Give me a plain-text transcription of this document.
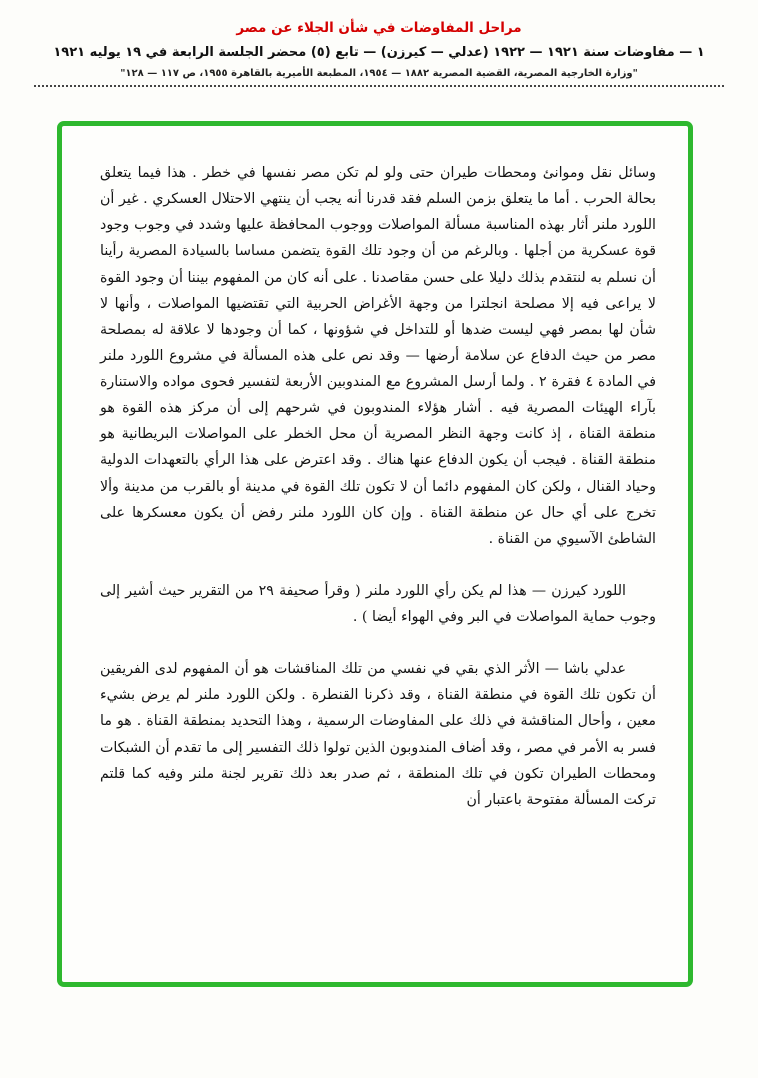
مراحل المفاوضات في شأن الجلاء عن مصر
١ — مفاوضات سنة ١٩٢١ — ١٩٢٢ (عدلي — كيرزن) — تابع (٥) محضر الجلسة الرابعة في ١٩ يوليه ١٩٢١
"وزارة الخارجية المصرية، القضية المصرية ١٨٨٢ — ١٩٥٤، المطبعة الأميرية بالقاهرة ١٩٥٥، ص ١١٧ — ١٢٨"

وسائل نقل وموانئ ومحطات طيران حتى ولو لم تكن مصر نفسها في خطر . هذا فيما يتعلق بحالة الحرب . أما ما يتعلق بزمن السلم فقد قدرنا أنه يجب أن ينتهي الاحتلال العسكري . غير أن اللورد ملنر أثار بهذه المناسبة مسألة المواصلات ووجوب المحافظة عليها وشدد في وجوب وجود قوة عسكرية من أجلها . وبالرغم من أن وجود تلك القوة يتضمن مساسا بالسيادة المصرية رأينا أن نسلم به لنتقدم بذلك دليلا على حسن مقاصدنا . على أنه كان من المفهوم بيننا أن وجود القوة لا يراعى فيه إلا مصلحة انجلترا من وجهة الأغراض الحربية التي تقتضيها المواصلات ، وأنها لا شأن لها بمصر فهي ليست ضدها أو للتداخل في شؤونها ، كما أن وجودها لا علاقة له بمصلحة مصر من حيث الدفاع عن سلامة أرضها — وقد نص على هذه المسألة في مشروع اللورد ملنر في المادة ٤ فقرة ٢ . ولما أرسل المشروع مع المندوبين الأربعة لتفسير فحوى مواده والاستنارة بآراء الهيئات المصرية فيه . أشار هؤلاء المندوبون في شرحهم إلى أن مركز هذه القوة هو منطقة القناة ، إذ كانت وجهة النظر المصرية أن محل الخطر على المواصلات البريطانية هو منطقة القناة . فيجب أن يكون الدفاع عنها هناك . وقد اعترض على هذا الرأي بالتعهدات الدولية وحياد القنال ، ولكن كان المفهوم دائما أن لا تكون تلك القوة في مدينة أو بالقرب من مدينة وألا تخرج على أي حال عن منطقة القناة . وإن كان اللورد ملنر رفض أن يكون معسكرها على الشاطئ الآسيوي من القناة .

اللورد كيرزن — هذا لم يكن رأي اللورد ملنر ( وقرأ صحيفة ٢٩ من التقرير حيث أشير إلى وجوب حماية المواصلات في البر وفي الهواء أيضا ) .

عدلي باشا — الأثر الذي بقي في نفسي من تلك المناقشات هو أن المفهوم لدى الفريقين أن تكون تلك القوة في منطقة القناة ، وقد ذكرنا القنطرة . ولكن اللورد ملنر لم يرض بشيء معين ، وأحال المناقشة في ذلك على المفاوضات الرسمية ، وهذا التحديد بمنطقة القناة . هو ما فسر به الأمر في مصر ، وقد أضاف المندوبون الذين تولوا ذلك التفسير إلى ما تقدم أن الشبكات ومحطات الطيران تكون في تلك المنطقة ، ثم صدر بعد ذلك تقرير لجنة ملنر وفيه كما قلتم تركت المسألة مفتوحة باعتبار أن
